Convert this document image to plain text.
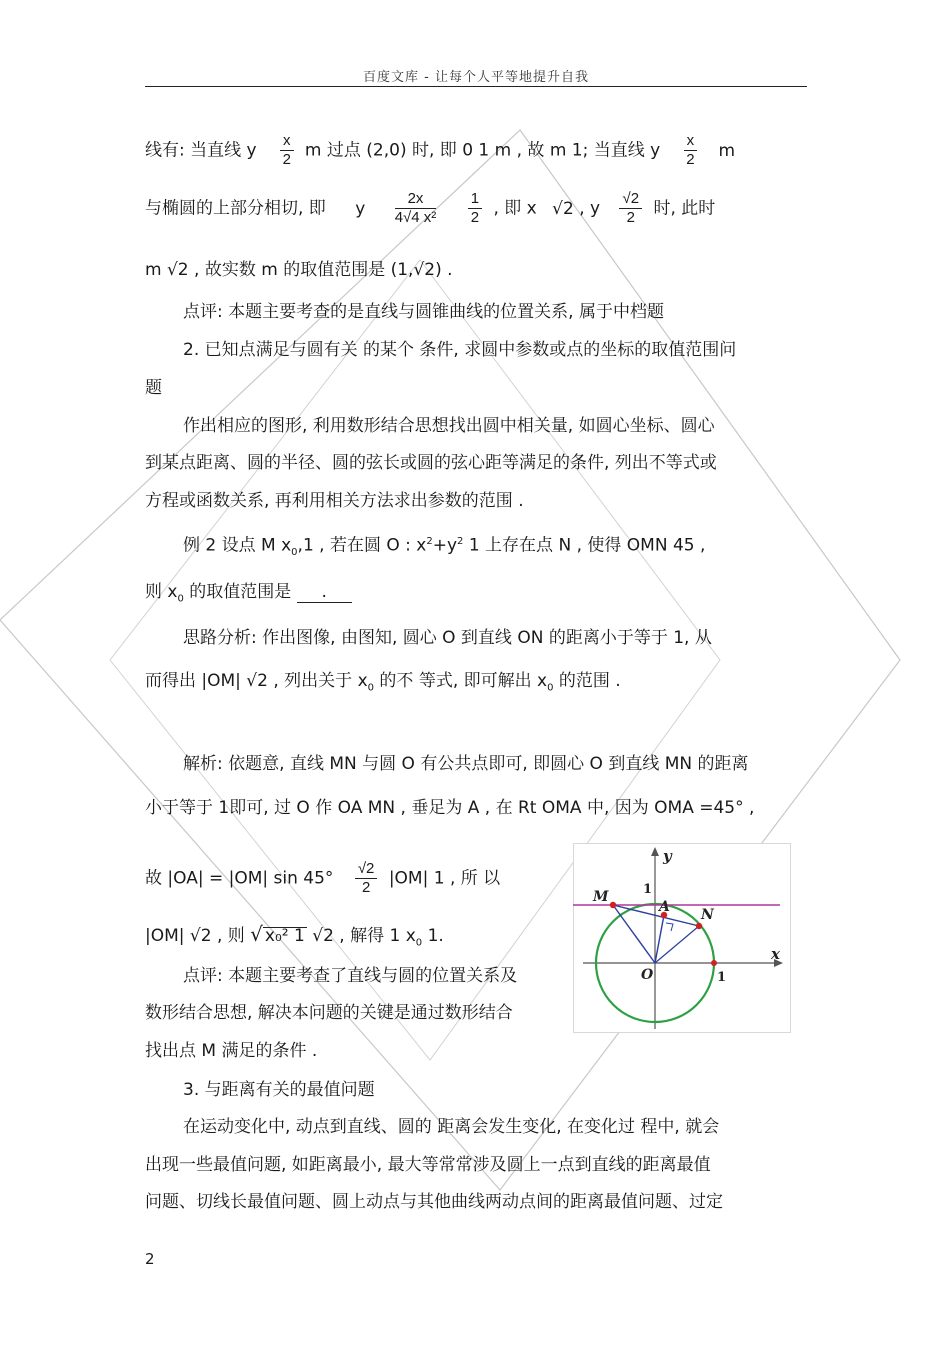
百度文库 - 让每个人平等地提升自我
线有: 当直线 y $\frac{x}{2}$ m 过点 (2,0) 时, 即 0 1 m , 故 m 1; 当直线 y $\frac{x}{2}$ m
与椭圆的上部分相切, 即 y $\frac{2x}{\text{4√4 x²}}$
$\frac{1}{2}$ , 即 x √2 , y $\frac{√2}{2}$ 时, 此时
m √2 , 故实数 m 的取值范围是 (1,√2) .
点评: 本题主要考查的是直线与圆锥曲线的位置关系, 属于中档题
2. 已知点满足与圆有关 的某个 条件, 求圆中参数或点的坐标的取值范围问
题
作出相应的图形, 利用数形结合思想找出圆中相关量, 如圆心坐标、圆心
到某点距离、圆的半径、圆的弦长或圆的弦心距等满足的条件, 列出不等式或
方程或函数关系, 再利用相关方法求出参数的范围 .
例 2 设点 M $x_0,1$ , 若在圆 O : $x^2+y^2$ 1 上存在点 N , 使得 OMN 45 ,
则 $x_0$ 的取值范围是 .
思路分析: 作出图像, 由图知, 圆心 O 到直线 ON 的距离小于等于 1, 从
而得出 |OM| √2 , 列出关于 $x_0$ 的不 等式, 即可解出 $x_0$ 的范围 .
解析: 依题意, 直线 MN 与圆 O 有公共点即可, 即圆心 O 到直线 MN 的距离
小于等于 1即可, 过 O 作 OA MN , 垂足为 A , 在 Rt OMA 中, 因为 OMA =45° ,
故 |OA| = |OM| $\sin 45^\circ \frac{√2}{2} |OM|$ 1 , 所 以
|OM| √2 , 则 √ x₀² 1 √2 , 解得 1 $x_0$ 1.
点评: 本题主要考查了直线与圆的位置关系及
数形结合思想, 解决本问题的关键是通过数形结合
找出点 M 满足的条件 .
3. 与距离有关的最值问题
在运动变化中, 动点到直线、圆的 距离会发生变化, 在变化过 程中, 就会
出现一些最值问题, 如距离最小, 最大等常常涉及圆上一点到直线的距离最值
问题、切线长最值问题、圆上动点与其他曲线两动点间的距离最值问题、过定
y
x
1
1
O
M
A N
2
